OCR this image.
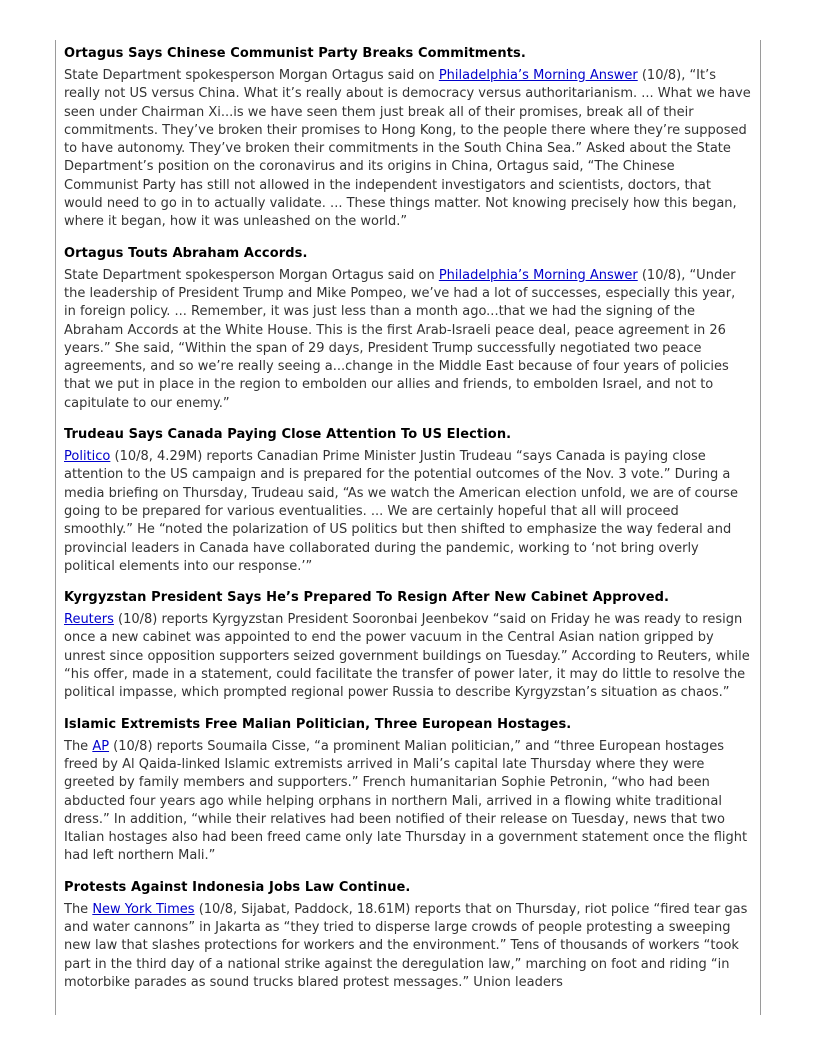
Ortagus Says Chinese Communist Party Breaks Commitments.

State Department spokesperson Morgan Ortagus said on Philadelphia’s Morning Answer (10/8), “It’s really not US versus China. What it’s really about is democracy versus authoritarianism. ... What we have seen under Chairman Xi...is we have seen them just break all of their promises, break all of their commitments. They’ve broken their promises to Hong Kong, to the people there where they’re supposed to have autonomy. They’ve broken their commitments in the South China Sea.” Asked about the State Department’s position on the coronavirus and its origins in China, Ortagus said, “The Chinese Communist Party has still not allowed in the independent investigators and scientists, doctors, that would need to go in to actually validate. ... These things matter. Not knowing precisely how this began, where it began, how it was unleashed on the world.”

Ortagus Touts Abraham Accords.

State Department spokesperson Morgan Ortagus said on Philadelphia’s Morning Answer (10/8), “Under the leadership of President Trump and Mike Pompeo, we’ve had a lot of successes, especially this year, in foreign policy. ... Remember, it was just less than a month ago...that we had the signing of the Abraham Accords at the White House. This is the first Arab-Israeli peace deal, peace agreement in 26 years.” She said, “Within the span of 29 days, President Trump successfully negotiated two peace agreements, and so we’re really seeing a...change in the Middle East because of four years of policies that we put in place in the region to embolden our allies and friends, to embolden Israel, and not to capitulate to our enemy.”

Trudeau Says Canada Paying Close Attention To US Election.

Politico (10/8, 4.29M) reports Canadian Prime Minister Justin Trudeau “says Canada is paying close attention to the US campaign and is prepared for the potential outcomes of the Nov. 3 vote.” During a media briefing on Thursday, Trudeau said, “As we watch the American election unfold, we are of course going to be prepared for various eventualities. ... We are certainly hopeful that all will proceed smoothly.” He “noted the polarization of US politics but then shifted to emphasize the way federal and provincial leaders in Canada have collaborated during the pandemic, working to ‘not bring overly political elements into our response.’”

Kyrgyzstan President Says He’s Prepared To Resign After New Cabinet Approved.

Reuters (10/8) reports Kyrgyzstan President Sooronbai Jeenbekov “said on Friday he was ready to resign once a new cabinet was appointed to end the power vacuum in the Central Asian nation gripped by unrest since opposition supporters seized government buildings on Tuesday.” According to Reuters, while “his offer, made in a statement, could facilitate the transfer of power later, it may do little to resolve the political impasse, which prompted regional power Russia to describe Kyrgyzstan’s situation as chaos.”

Islamic Extremists Free Malian Politician, Three European Hostages.

The AP (10/8) reports Soumaila Cisse, “a prominent Malian politician,” and “three European hostages freed by Al Qaida-linked Islamic extremists arrived in Mali’s capital late Thursday where they were greeted by family members and supporters.” French humanitarian Sophie Petronin, “who had been abducted four years ago while helping orphans in northern Mali, arrived in a flowing white traditional dress.” In addition, “while their relatives had been notified of their release on Tuesday, news that two Italian hostages also had been freed came only late Thursday in a government statement once the flight had left northern Mali.”

Protests Against Indonesia Jobs Law Continue.

The New York Times (10/8, Sijabat, Paddock, 18.61M) reports that on Thursday, riot police “fired tear gas and water cannons” in Jakarta as “they tried to disperse large crowds of people protesting a sweeping new law that slashes protections for workers and the environment.” Tens of thousands of workers “took part in the third day of a national strike against the deregulation law,” marching on foot and riding “in motorbike parades as sound trucks blared protest messages.” Union leaders
